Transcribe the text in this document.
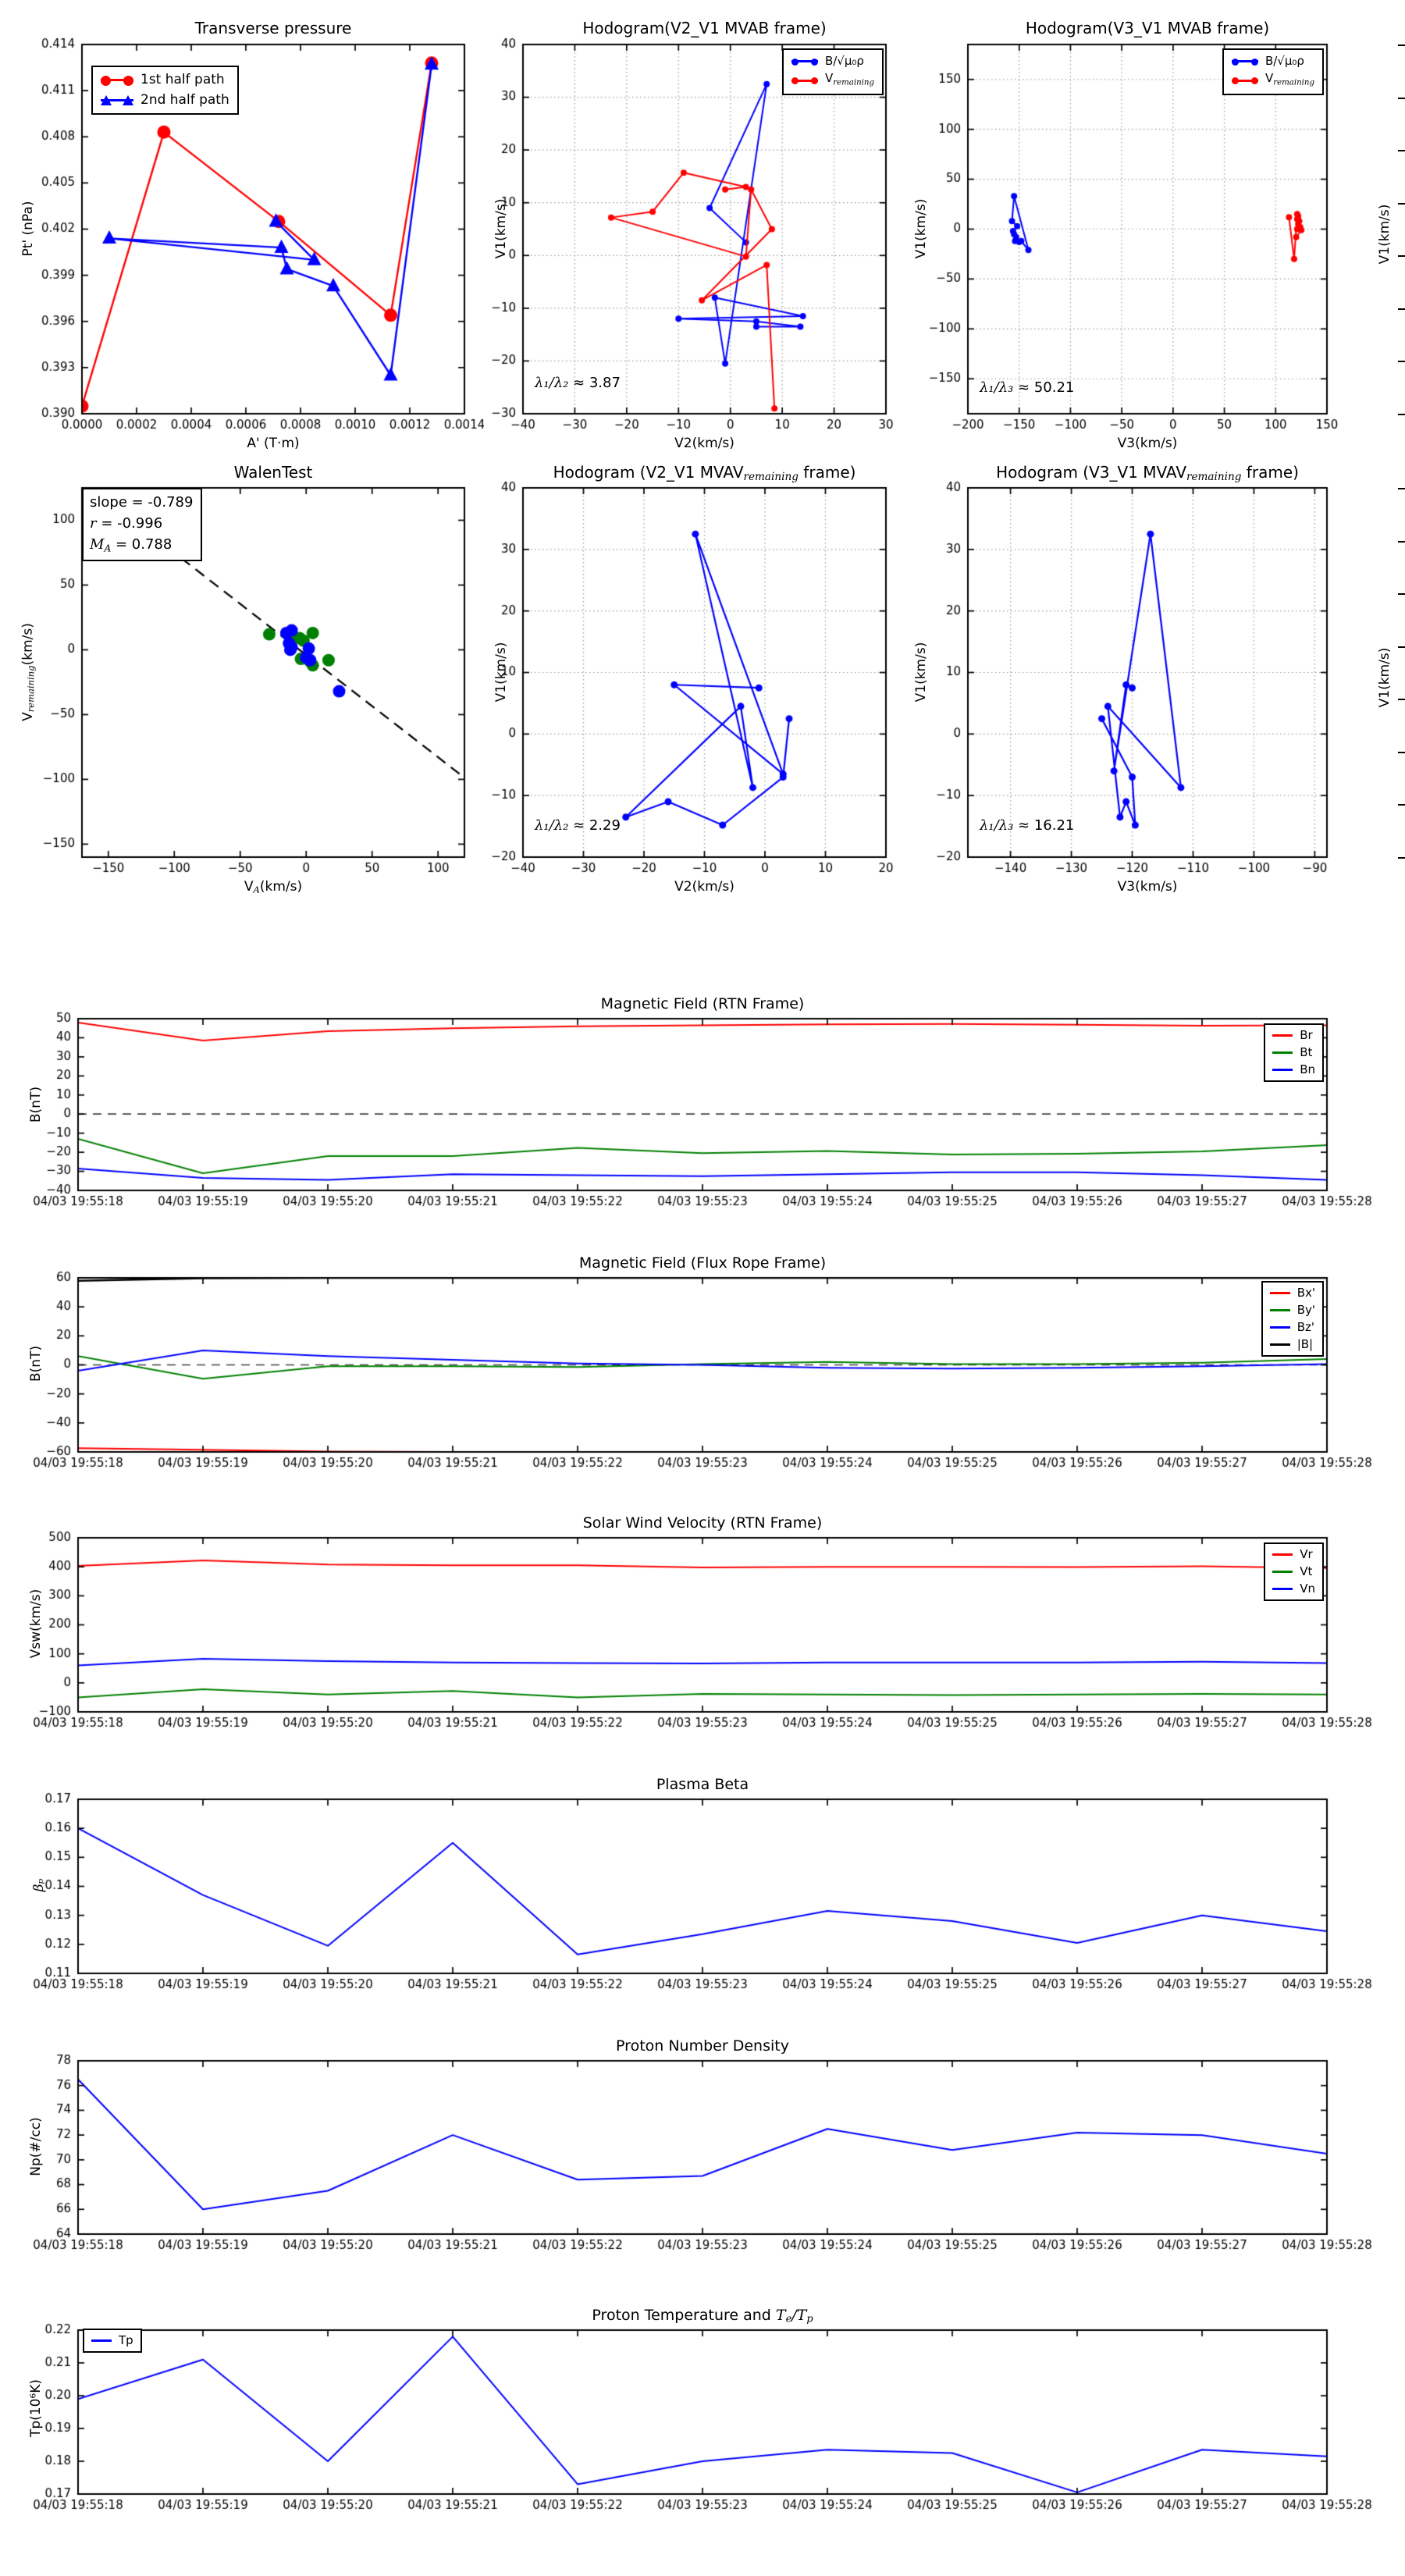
Transverse pressure
Pt' (nPa)
A' (T·m)
1st half path
2nd half path
Hodogram(V2_V1 MVAB frame)
V1(km/s)
V2(km/s)
B/√μ₀ρ
$V_{remaining}$
λ₁/λ₂ ≈ 3.87
Hodogram(V3_V1 MVAB frame)
V1(km/s)
V3(km/s)
B/√μ₀ρ
$V_{remaining}$
λ₁/λ₃ ≈ 50.21
WalenTest
Vremaining(km/s)
VA(km/s)
slope = -0.789
r = -0.996
MA = 0.788
Hodogram (V2_V1 MVAVremaining frame)
V1(km/s)
V2(km/s)
λ₁/λ₂ ≈ 2.29
Hodogram (V3_V1 MVAVremaining frame)
V1(km/s)
V3(km/s)
λ₁/λ₃ ≈ 16.21
V1(km/s)
V1(km/s)
Magnetic Field (RTN Frame)
B(nT)
Br
Bt
Bn
Magnetic Field (Flux Rope Frame)
B(nT)
Bx'
By'
Bz'
|B|
Solar Wind Velocity (RTN Frame)
Vsw(km/s)
Vr
Vt
Vn
Plasma Beta
βₚ
Proton Number Density
Np(#/cc)
Proton Temperature and Te/Tp
Tp(10⁶K)
Tp
